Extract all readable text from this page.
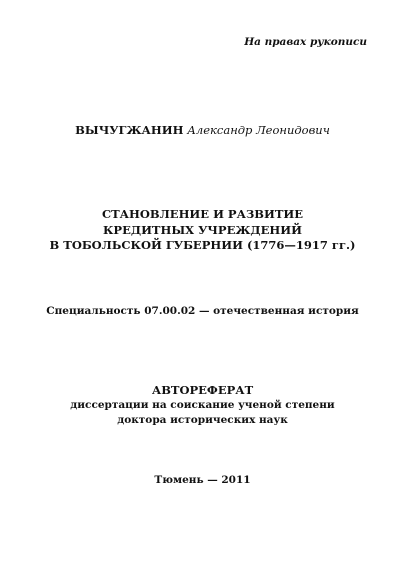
На правах рукописи
ВЫЧУГЖАНИН Александр Леонидович
СТАНОВЛЕНИЕ И РАЗВИТИЕ
КРЕДИТНЫХ УЧРЕЖДЕНИЙ
В ТОБОЛЬСКОЙ ГУБЕРНИИ (1776—1917 гг.)
Специальность 07.00.02 — отечественная история
АВТОРЕФЕРАТ
диссертации на соискание ученой степени
доктора исторических наук
Тюмень — 2011
